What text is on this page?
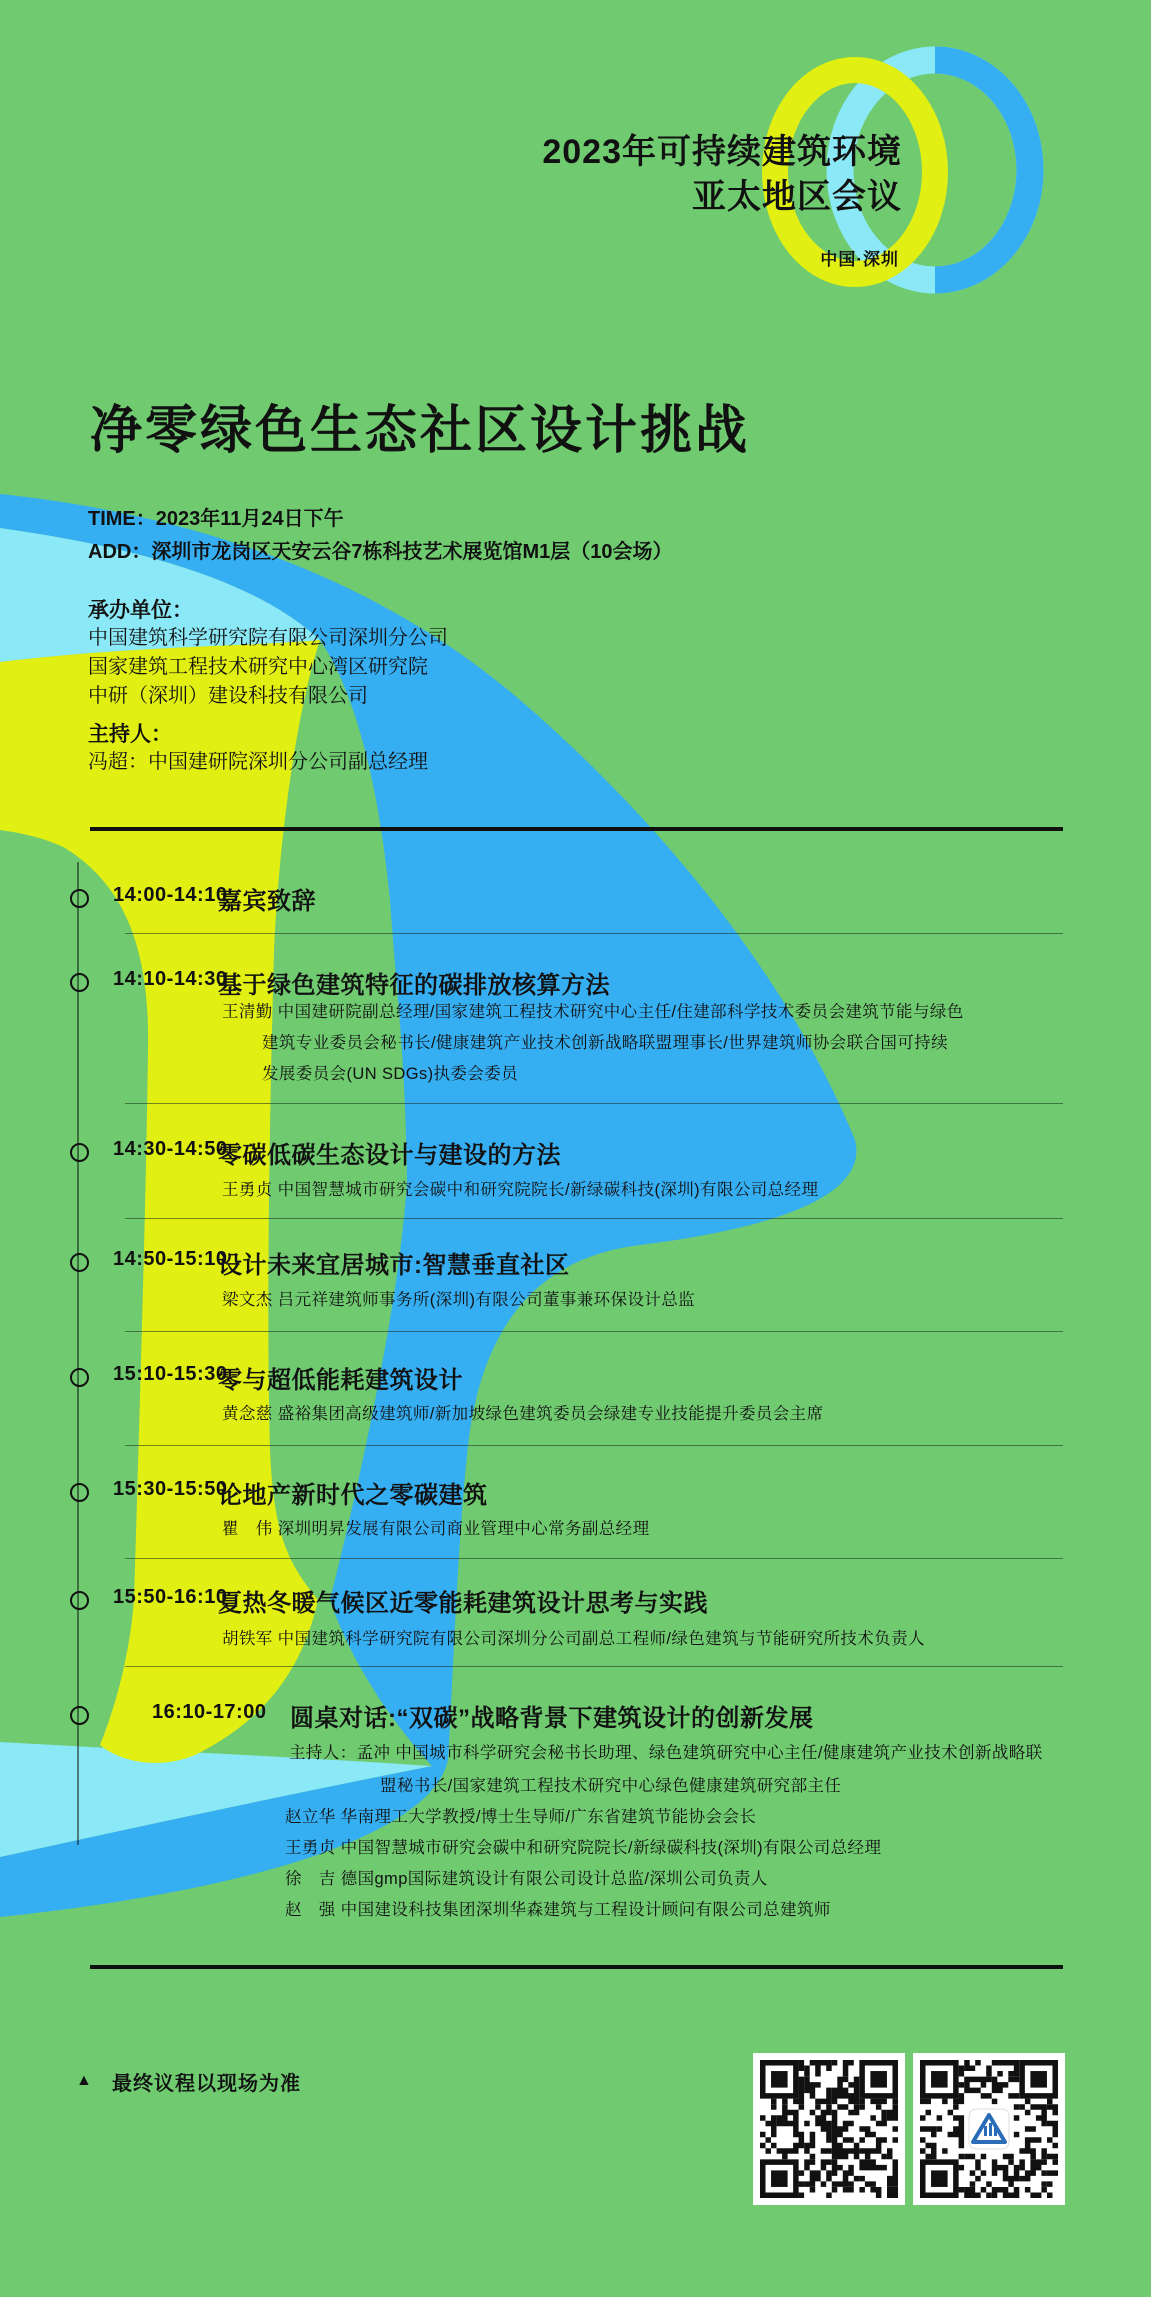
2023年可持续建筑环境
亚太地区会议
中国·深圳
净零绿色生态社区设计挑战
TIME：2023年11月24日下午
ADD：深圳市龙岗区天安云谷7栋科技艺术展览馆M1层（10会场）
承办单位：
中国建筑科学研究院有限公司深圳分公司
国家建筑工程技术研究中心湾区研究院
中研（深圳）建设科技有限公司
主持人：
冯超：中国建研院深圳分公司副总经理
14:00-14:10
嘉宾致辞
14:10-14:30
基于绿色建筑特征的碳排放核算方法
王清勤 中国建研院副总经理/国家建筑工程技术研究中心主任/住建部科学技术委员会建筑节能与绿色
建筑专业委员会秘书长/健康建筑产业技术创新战略联盟理事长/世界建筑师协会联合国可持续
发展委员会(UN SDGs)执委会委员
14:30-14:50
零碳低碳生态设计与建设的方法
王勇贞 中国智慧城市研究会碳中和研究院院长/新绿碳科技(深圳)有限公司总经理
14:50-15:10
设计未来宜居城市:智慧垂直社区
梁文杰 吕元祥建筑师事务所(深圳)有限公司董事兼环保设计总监
15:10-15:30
零与超低能耗建筑设计
黄念慈 盛裕集团高级建筑师/新加坡绿色建筑委员会绿建专业技能提升委员会主席
15:30-15:50
论地产新时代之零碳建筑
瞿　伟 深圳明昇发展有限公司商业管理中心常务副总经理
15:50-16:10
夏热冬暖气候区近零能耗建筑设计思考与实践
胡铁军 中国建筑科学研究院有限公司深圳分公司副总工程师/绿色建筑与节能研究所技术负责人
16:10-17:00 圆桌对话:“双碳”战略背景下建筑设计的创新发展
主持人：孟冲 中国城市科学研究会秘书长助理、绿色建筑研究中心主任/健康建筑产业技术创新战略联
盟秘书长/国家建筑工程技术研究中心绿色健康建筑研究部主任
赵立华 华南理工大学教授/博士生导师/广东省建筑节能协会会长
王勇贞 中国智慧城市研究会碳中和研究院院长/新绿碳科技(深圳)有限公司总经理
徐　吉 德国gmp国际建筑设计有限公司设计总监/深圳公司负责人
赵　强 中国建设科技集团深圳华森建筑与工程设计顾问有限公司总建筑师
▲ 最终议程以现场为准
